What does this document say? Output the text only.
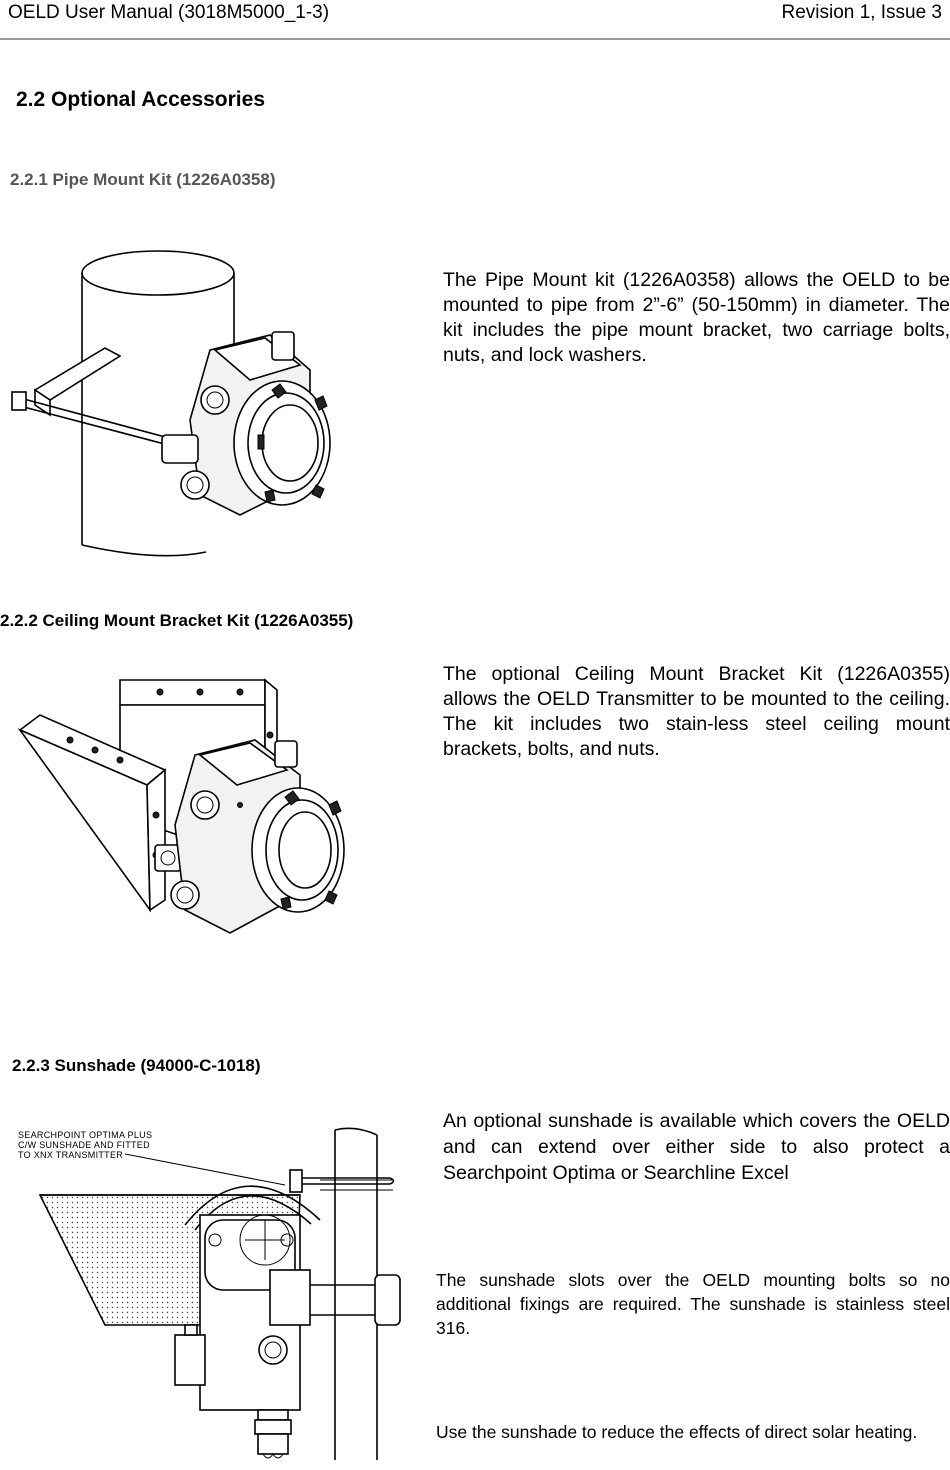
OELD User Manual (3018M5000_1-3)	Revision 1, Issue 3
2.2 Optional Accessories
2.2.1 Pipe Mount Kit (1226A0358)
The Pipe Mount kit (1226A0358) allows the OELD to be mounted to pipe from 2”-6” (50-150mm) in diameter. The kit includes the pipe mount bracket, two carriage bolts, nuts, and lock washers.
2.2.2 Ceiling Mount Bracket Kit (1226A0355)
The optional Ceiling Mount Bracket Kit (1226A0355) allows the OELD Transmitter to be mounted to the ceiling. The kit includes two stain-less steel ceiling mount brackets, bolts, and nuts.
2.2.3 Sunshade (94000-C-1018)
An optional sunshade is available which covers the OELD and can extend over either side to also protect a Searchpoint Optima or Searchline Excel
The sunshade slots over the OELD mounting bolts so no additional fixings are required. The sunshade is stainless steel 316.
Use the sunshade to reduce the effects of direct solar heating.
SEARCHPOINT OPTIMA PLUS
C/W SUNSHADE AND FITTED
TO XNX TRANSMITTER
